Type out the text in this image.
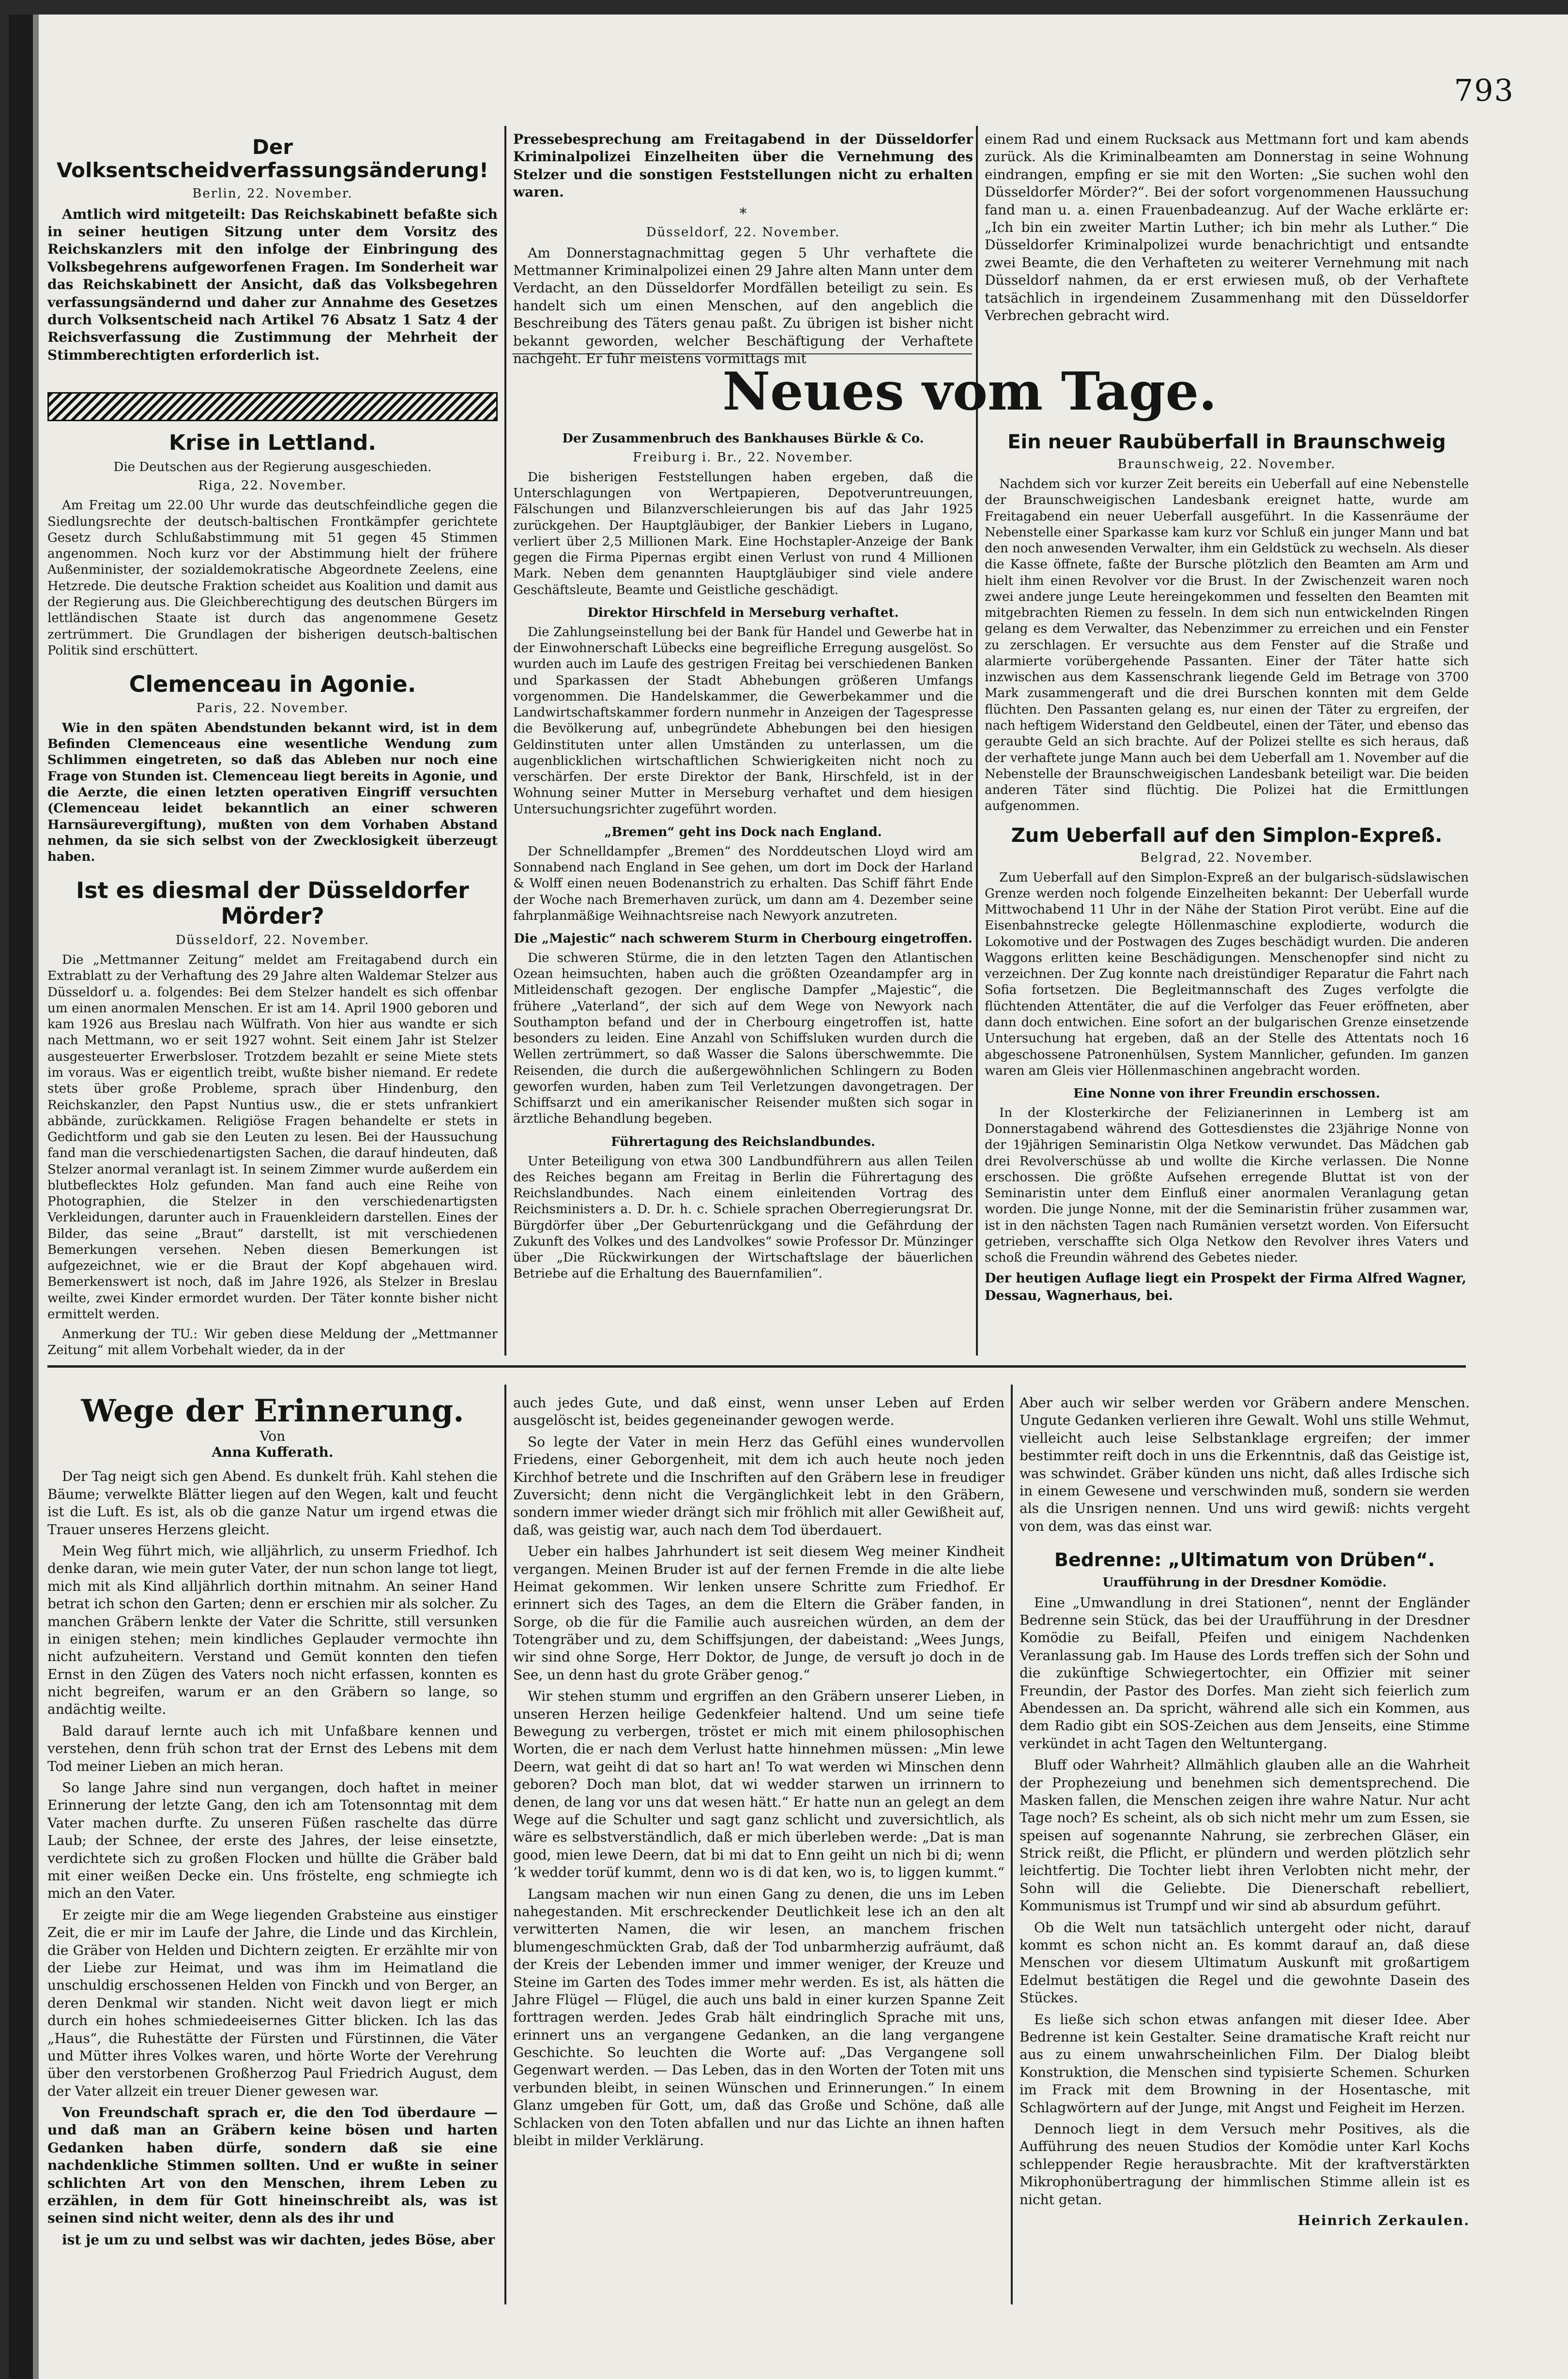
793
Der Volksentscheidverfassungsänderung!
Berlin, 22. November.

Amtlich wird mitgeteilt: Das Reichskabinett befaßte sich in seiner heutigen Sitzung unter dem Vorsitz des Reichskanzlers mit den infolge der Einbringung des Volksbegehrens aufgeworfenen Fragen. Im Sonderheit war das Reichskabinett der Ansicht, daß das Volksbegehren verfassungsändernd und daher zur Annahme des Gesetzes durch Volksentscheid nach Artikel 76 Absatz 1 Satz 4 der Reichsverfassung die Zustimmung der Mehrheit der Stimmberechtigten erforderlich ist.

Krise in Lettland.
Die Deutschen aus der Regierung ausgeschieden.
Riga, 22. November.

Am Freitag um 22.00 Uhr wurde das deutschfeindliche gegen die Siedlungsrechte der deutsch-baltischen Frontkämpfer gerichtete Gesetz durch Schlußabstimmung mit 51 gegen 45 Stimmen angenommen. Noch kurz vor der Abstimmung hielt der frühere Außenminister, der sozialdemokratische Abgeordnete Zeelens, eine Hetzrede. Die deutsche Fraktion scheidet aus Koalition und damit aus der Regierung aus. Die Gleichberechtigung des deutschen Bürgers im lettländischen Staate ist durch das angenommene Gesetz zertrümmert. Die Grundlagen der bisherigen deutsch-baltischen Politik sind erschüttert.

Clemenceau in Agonie.
Paris, 22. November.

Wie in den späten Abendstunden bekannt wird, ist in dem Befinden Clemenceaus eine wesentliche Wendung zum Schlimmen eingetreten, so daß das Ableben nur noch eine Frage von Stunden ist. Clemenceau liegt bereits in Agonie, und die Aerzte, die einen letzten operativen Eingriff versuchten (Clemenceau leidet bekanntlich an einer schweren Harnsäurevergiftung), mußten von dem Vorhaben Abstand nehmen, da sie sich selbst von der Zwecklosigkeit überzeugt haben.

Ist es diesmal der Düsseldorfer Mörder?
Düsseldorf, 22. November.

Die „Mettmanner Zeitung“ meldet am Freitagabend durch ein Extrablatt zu der Verhaftung des 29 Jahre alten Waldemar Stelzer aus Düsseldorf u. a. folgendes: Bei dem Stelzer handelt es sich offenbar um einen anormalen Menschen. Er ist am 14. April 1900 geboren und kam 1926 aus Breslau nach Wülfrath. Von hier aus wandte er sich nach Mettmann, wo er seit 1927 wohnt. Seit einem Jahr ist Stelzer ausgesteuerter Erwerbsloser. Trotzdem bezahlt er seine Miete stets im voraus. Was er eigentlich treibt, wußte bisher niemand. Er redete stets über große Probleme, sprach über Hindenburg, den Reichskanzler, den Papst Nuntius usw., die er stets unfrankiert abbände, zurückkamen. Religiöse Fragen behandelte er stets in Gedichtform und gab sie den Leuten zu lesen. Bei der Haussuchung fand man die verschiedenartigsten Sachen, die darauf hindeuten, daß Stelzer anormal veranlagt ist. In seinem Zimmer wurde außerdem ein blutbeflecktes Holz gefunden. Man fand auch eine Reihe von Photographien, die Stelzer in den verschiedenartigsten Verkleidungen, darunter auch in Frauenkleidern darstellen. Eines der Bilder, das seine „Braut“ darstellt, ist mit verschiedenen Bemerkungen versehen. Neben diesen Bemerkungen ist aufgezeichnet, wie er die Braut der Kopf abgehauen wird. Bemerkenswert ist noch, daß im Jahre 1926, als Stelzer in Breslau weilte, zwei Kinder ermordet wurden. Der Täter konnte bisher nicht ermittelt werden.

Anmerkung der TU.: Wir geben diese Meldung der „Mettmanner Zeitung“ mit allem Vorbehalt wieder, da in der

Pressebesprechung am Freitagabend in der Düsseldorfer Kriminalpolizei Einzelheiten über die Vernehmung des Stelzer und die sonstigen Feststellungen nicht zu erhalten waren.

*
Düsseldorf, 22. November.

Am Donnerstagnachmittag gegen 5 Uhr verhaftete die Mettmanner Kriminalpolizei einen 29 Jahre alten Mann unter dem Verdacht, an den Düsseldorfer Mordfällen beteiligt zu sein. Es handelt sich um einen Menschen, auf den angeblich die Beschreibung des Täters genau paßt. Zu übrigen ist bisher nicht bekannt geworden, welcher Beschäftigung der Verhaftete nachgeht. Er fuhr meistens vormittags mit

einem Rad und einem Rucksack aus Mettmann fort und kam abends zurück. Als die Kriminalbeamten am Donnerstag in seine Wohnung eindrangen, empfing er sie mit den Worten: „Sie suchen wohl den Düsseldorfer Mörder?“. Bei der sofort vorgenommenen Haussuchung fand man u. a. einen Frauenbadeanzug. Auf der Wache erklärte er: „Ich bin ein zweiter Martin Luther; ich bin mehr als Luther.“ Die Düsseldorfer Kriminalpolizei wurde benachrichtigt und entsandte zwei Beamte, die den Verhafteten zu weiterer Vernehmung mit nach Düsseldorf nahmen, da er erst erwiesen muß, ob der Verhaftete tatsächlich in irgendeinem Zusammenhang mit den Düsseldorfer Verbrechen gebracht wird.

Neues vom Tage.
Der Zusammenbruch des Bankhauses Bürkle & Co.
Freiburg i. Br., 22. November.

Die bisherigen Feststellungen haben ergeben, daß die Unterschlagungen von Wertpapieren, Depotveruntreuungen, Fälschungen und Bilanzverschleierungen bis auf das Jahr 1925 zurückgehen. Der Hauptgläubiger, der Bankier Liebers in Lugano, verliert über 2,5 Millionen Mark. Eine Hochstapler-Anzeige der Bank gegen die Firma Pipernas ergibt einen Verlust von rund 4 Millionen Mark. Neben dem genannten Hauptgläubiger sind viele andere Geschäftsleute, Beamte und Geistliche geschädigt.

Direktor Hirschfeld in Merseburg verhaftet.

Die Zahlungseinstellung bei der Bank für Handel und Gewerbe hat in der Einwohnerschaft Lübecks eine begreifliche Erregung ausgelöst. So wurden auch im Laufe des gestrigen Freitag bei verschiedenen Banken und Sparkassen der Stadt Abhebungen größeren Umfangs vorgenommen. Die Handelskammer, die Gewerbekammer und die Landwirtschaftskammer fordern nunmehr in Anzeigen der Tagespresse die Bevölkerung auf, unbegründete Abhebungen bei den hiesigen Geldinstituten unter allen Umständen zu unterlassen, um die augenblicklichen wirtschaftlichen Schwierigkeiten nicht noch zu verschärfen. Der erste Direktor der Bank, Hirschfeld, ist in der Wohnung seiner Mutter in Merseburg verhaftet und dem hiesigen Untersuchungsrichter zugeführt worden.

„Bremen“ geht ins Dock nach England.

Der Schnelldampfer „Bremen“ des Norddeutschen Lloyd wird am Sonnabend nach England in See gehen, um dort im Dock der Harland & Wolff einen neuen Bodenanstrich zu erhalten. Das Schiff fährt Ende der Woche nach Bremerhaven zurück, um dann am 4. Dezember seine fahrplanmäßige Weihnachtsreise nach Newyork anzutreten.

Die „Majestic“ nach schwerem Sturm in Cherbourg eingetroffen.

Die schweren Stürme, die in den letzten Tagen den Atlantischen Ozean heimsuchten, haben auch die größten Ozeandampfer arg in Mitleidenschaft gezogen. Der englische Dampfer „Majestic“, die frühere „Vaterland“, der sich auf dem Wege von Newyork nach Southampton befand und der in Cherbourg eingetroffen ist, hatte besonders zu leiden. Eine Anzahl von Schiffsluken wurden durch die Wellen zertrümmert, so daß Wasser die Salons überschwemmte. Die Reisenden, die durch die außergewöhnlichen Schlingern zu Boden geworfen wurden, haben zum Teil Verletzungen davongetragen. Der Schiffsarzt und ein amerikanischer Reisender mußten sich sogar in ärztliche Behandlung begeben.

Führertagung des Reichslandbundes.

Unter Beteiligung von etwa 300 Landbundführern aus allen Teilen des Reiches begann am Freitag in Berlin die Führertagung des Reichslandbundes. Nach einem einleitenden Vortrag des Reichsministers a. D. Dr. h. c. Schiele sprachen Oberregierungsrat Dr. Bürgdörfer über „Der Geburtenrückgang und die Gefährdung der Zukunft des Volkes und des Landvolkes“ sowie Professor Dr. Münzinger über „Die Rückwirkungen der Wirtschaftslage der bäuerlichen Betriebe auf die Erhaltung des Bauernfamilien“.

Ein neuer Raubüberfall in Braunschweig
Braunschweig, 22. November.

Nachdem sich vor kurzer Zeit bereits ein Ueberfall auf eine Nebenstelle der Braunschweigischen Landesbank ereignet hatte, wurde am Freitagabend ein neuer Ueberfall ausgeführt. In die Kassenräume der Nebenstelle einer Sparkasse kam kurz vor Schluß ein junger Mann und bat den noch anwesenden Verwalter, ihm ein Geldstück zu wechseln. Als dieser die Kasse öffnete, faßte der Bursche plötzlich den Beamten am Arm und hielt ihm einen Revolver vor die Brust. In der Zwischenzeit waren noch zwei andere junge Leute hereingekommen und fesselten den Beamten mit mitgebrachten Riemen zu fesseln. In dem sich nun entwickelnden Ringen gelang es dem Verwalter, das Nebenzimmer zu erreichen und ein Fenster zu zerschlagen. Er versuchte aus dem Fenster auf die Straße und alarmierte vorübergehende Passanten. Einer der Täter hatte sich inzwischen aus dem Kassenschrank liegende Geld im Betrage von 3700 Mark zusammengeraft und die drei Burschen konnten mit dem Gelde flüchten. Den Passanten gelang es, nur einen der Täter zu ergreifen, der nach heftigem Widerstand den Geldbeutel, einen der Täter, und ebenso das geraubte Geld an sich brachte. Auf der Polizei stellte es sich heraus, daß der verhaftete junge Mann auch bei dem Ueberfall am 1. November auf die Nebenstelle der Braunschweigischen Landesbank beteiligt war. Die beiden anderen Täter sind flüchtig. Die Polizei hat die Ermittlungen aufgenommen.

Zum Ueberfall auf den Simplon-Expreß.
Belgrad, 22. November.

Zum Ueberfall auf den Simplon-Expreß an der bulgarisch-südslawischen Grenze werden noch folgende Einzelheiten bekannt: Der Ueberfall wurde Mittwochabend 11 Uhr in der Nähe der Station Pirot verübt. Eine auf die Eisenbahnstrecke gelegte Höllenmaschine explodierte, wodurch die Lokomotive und der Postwagen des Zuges beschädigt wurden. Die anderen Waggons erlitten keine Beschädigungen. Menschenopfer sind nicht zu verzeichnen. Der Zug konnte nach dreistündiger Reparatur die Fahrt nach Sofia fortsetzen. Die Begleitmannschaft des Zuges verfolgte die flüchtenden Attentäter, die auf die Verfolger das Feuer eröffneten, aber dann doch entwichen. Eine sofort an der bulgarischen Grenze einsetzende Untersuchung hat ergeben, daß an der Stelle des Attentats noch 16 abgeschossene Patronenhülsen, System Mannlicher, gefunden. Im ganzen waren am Gleis vier Höllenmaschinen angebracht worden.

Eine Nonne von ihrer Freundin erschossen.

In der Klosterkirche der Felizianerinnen in Lemberg ist am Donnerstagabend während des Gottesdienstes die 23jährige Nonne von der 19jährigen Seminaristin Olga Netkow verwundet. Das Mädchen gab drei Revolverschüsse ab und wollte die Kirche verlassen. Die Nonne erschossen. Die größte Aufsehen erregende Bluttat ist von der Seminaristin unter dem Einfluß einer anormalen Veranlagung getan worden. Die junge Nonne, mit der die Seminaristin früher zusammen war, ist in den nächsten Tagen nach Rumänien versetzt worden. Von Eifersucht getrieben, verschaffte sich Olga Netkow den Revolver ihres Vaters und schoß die Freundin während des Gebetes nieder.

Der heutigen Auflage liegt ein Prospekt der Firma Alfred Wagner, Dessau, Wagnerhaus, bei.

Wege der Erinnerung.
Von
Anna Kufferath.

Der Tag neigt sich gen Abend. Es dunkelt früh. Kahl stehen die Bäume; verwelkte Blätter liegen auf den Wegen, kalt und feucht ist die Luft. Es ist, als ob die ganze Natur um irgend etwas die Trauer unseres Herzens gleicht.

Mein Weg führt mich, wie alljährlich, zu unserm Friedhof. Ich denke daran, wie mein guter Vater, der nun schon lange tot liegt, mich mit als Kind alljährlich dorthin mitnahm. An seiner Hand betrat ich schon den Garten; denn er erschien mir als solcher. Zu manchen Gräbern lenkte der Vater die Schritte, still versunken in einigen stehen; mein kindliches Geplauder vermochte ihn nicht aufzuheitern. Verstand und Gemüt konnten den tiefen Ernst in den Zügen des Vaters noch nicht erfassen, konnten es nicht begreifen, warum er an den Gräbern so lange, so andächtig weilte.

Bald darauf lernte auch ich mit Unfaßbare kennen und verstehen, denn früh schon trat der Ernst des Lebens mit dem Tod meiner Lieben an mich heran.

So lange Jahre sind nun vergangen, doch haftet in meiner Erinnerung der letzte Gang, den ich am Totensonntag mit dem Vater machen durfte. Zu unseren Füßen raschelte das dürre Laub; der Schnee, der erste des Jahres, der leise einsetzte, verdichtete sich zu großen Flocken und hüllte die Gräber bald mit einer weißen Decke ein. Uns fröstelte, eng schmiegte ich mich an den Vater.

Er zeigte mir die am Wege liegenden Grabsteine aus einstiger Zeit, die er mir im Laufe der Jahre, die Linde und das Kirchlein, die Gräber von Helden und Dichtern zeigten. Er erzählte mir von der Liebe zur Heimat, und was ihm im Heimatland die unschuldig erschossenen Helden von Finckh und von Berger, an deren Denkmal wir standen. Nicht weit davon liegt er mich durch ein hohes schmiedeeisernes Gitter blicken. Ich las das „Haus“, die Ruhestätte der Fürsten und Fürstinnen, die Väter und Mütter ihres Volkes waren, und hörte Worte der Verehrung über den verstorbenen Großherzog Paul Friedrich August, dem der Vater allzeit ein treuer Diener gewesen war.

Von Freundschaft sprach er, die den Tod überdaure — und daß man an Gräbern keine bösen und harten Gedanken haben dürfe, sondern daß sie eine nachdenkliche Stimmen sollten. Und er wußte in seiner schlichten Art von den Menschen, ihrem Leben zu erzählen, in dem für Gott hineinschreibt als, was ist seinen sind nicht weiter, denn als des ihr und

ist je um zu und selbst was wir dachten, jedes Böse, aber

auch jedes Gute, und daß einst, wenn unser Leben auf Erden ausgelöscht ist, beides gegeneinander gewogen werde.

So legte der Vater in mein Herz das Gefühl eines wundervollen Friedens, einer Geborgenheit, mit dem ich auch heute noch jeden Kirchhof betrete und die Inschriften auf den Gräbern lese in freudiger Zuversicht; denn nicht die Vergänglichkeit lebt in den Gräbern, sondern immer wieder drängt sich mir fröhlich mit aller Gewißheit auf, daß, was geistig war, auch nach dem Tod überdauert.

Ueber ein halbes Jahrhundert ist seit diesem Weg meiner Kindheit vergangen. Meinen Bruder ist auf der fernen Fremde in die alte liebe Heimat gekommen. Wir lenken unsere Schritte zum Friedhof. Er erinnert sich des Tages, an dem die Eltern die Gräber fanden, in Sorge, ob die für die Familie auch ausreichen würden, an dem der Totengräber und zu, dem Schiffsjungen, der dabeistand: „Wees Jungs, wir sind ohne Sorge, Herr Doktor, de Junge, de versuft jo doch in de See, un denn hast du grote Gräber genog.“

Wir stehen stumm und ergriffen an den Gräbern unserer Lieben, in unseren Herzen heilige Gedenkfeier haltend. Und um seine tiefe Bewegung zu verbergen, tröstet er mich mit einem philosophischen Worten, die er nach dem Verlust hatte hinnehmen müssen: „Min lewe Deern, wat geiht di dat so hart an! To wat werden wi Minschen denn geboren? Doch man blot, dat wi wedder starwen un irrinnern to denen, de lang vor uns dat wesen hätt.“ Er hatte nun an gelegt an dem Wege auf die Schulter und sagt ganz schlicht und zuversichtlich, als wäre es selbstverständlich, daß er mich überleben werde: „Dat is man good, mien lewe Deern, dat bi mi dat to Enn geiht un nich bi di; wenn ’k wedder torüf kummt, denn wo is di dat ken, wo is, to liggen kummt.“

Langsam machen wir nun einen Gang zu denen, die uns im Leben nahegestanden. Mit erschreckender Deutlichkeit lese ich an den alt verwitterten Namen, die wir lesen, an manchem frischen blumengeschmückten Grab, daß der Tod unbarmherzig aufräumt, daß der Kreis der Lebenden immer und immer weniger, der Kreuze und Steine im Garten des Todes immer mehr werden. Es ist, als hätten die Jahre Flügel — Flügel, die auch uns bald in einer kurzen Spanne Zeit forttragen werden. Jedes Grab hält eindringlich Sprache mit uns, erinnert uns an vergangene Gedanken, an die lang vergangene Geschichte. So leuchten die Worte auf: „Das Vergangene soll Gegenwart werden. — Das Leben, das in den Worten der Toten mit uns verbunden bleibt, in seinen Wünschen und Erinnerungen.“ In einem Glanz umgeben für Gott, um, daß das Große und Schöne, daß alle Schlacken von den Toten abfallen und nur das Lichte an ihnen haften bleibt in milder Verklärung.

Aber auch wir selber werden vor Gräbern andere Menschen. Ungute Gedanken verlieren ihre Gewalt. Wohl uns stille Wehmut, vielleicht auch leise Selbstanklage ergreifen; der immer bestimmter reift doch in uns die Erkenntnis, daß das Geistige ist, was schwindet. Gräber künden uns nicht, daß alles Irdische sich in einem Gewesene und verschwinden muß, sondern sie werden als die Unsrigen nennen. Und uns wird gewiß: nichts vergeht von dem, was das einst war.

Bedrenne: „Ultimatum von Drüben“.
Uraufführung in der Dresdner Komödie.

Eine „Umwandlung in drei Stationen“, nennt der Engländer Bedrenne sein Stück, das bei der Uraufführung in der Dresdner Komödie zu Beifall, Pfeifen und einigem Nachdenken Veranlassung gab. Im Hause des Lords treffen sich der Sohn und die zukünftige Schwiegertochter, ein Offizier mit seiner Freundin, der Pastor des Dorfes. Man zieht sich feierlich zum Abendessen an. Da spricht, während alle sich ein Kommen, aus dem Radio gibt ein SOS-Zeichen aus dem Jenseits, eine Stimme verkündet in acht Tagen den Weltuntergang.

Bluff oder Wahrheit? Allmählich glauben alle an die Wahrheit der Prophezeiung und benehmen sich dementsprechend. Die Masken fallen, die Menschen zeigen ihre wahre Natur. Nur acht Tage noch? Es scheint, als ob sich nicht mehr um zum Essen, sie speisen auf sogenannte Nahrung, sie zerbrechen Gläser, ein Strick reißt, die Pflicht, er plündern und werden plötzlich sehr leichtfertig. Die Tochter liebt ihren Verlobten nicht mehr, der Sohn will die Geliebte. Die Dienerschaft rebelliert, Kommunismus ist Trumpf und wir sind ab absurdum geführt.

Ob die Welt nun tatsächlich untergeht oder nicht, darauf kommt es schon nicht an. Es kommt darauf an, daß diese Menschen vor diesem Ultimatum Auskunft mit großartigem Edelmut bestätigen die Regel und die gewohnte Dasein des Stückes.

Es ließe sich schon etwas anfangen mit dieser Idee. Aber Bedrenne ist kein Gestalter. Seine dramatische Kraft reicht nur aus zu einem unwahrscheinlichen Film. Der Dialog bleibt Konstruktion, die Menschen sind typisierte Schemen. Schurken im Frack mit dem Browning in der Hosentasche, mit Schlagwörtern auf der Junge, mit Angst und Feigheit im Herzen.

Dennoch liegt in dem Versuch mehr Positives, als die Aufführung des neuen Studios der Komödie unter Karl Kochs schleppender Regie herausbrachte. Mit der kraftverstärkten Mikrophonübertragung der himmlischen Stimme allein ist es nicht getan.

Heinrich Zerkaulen.
